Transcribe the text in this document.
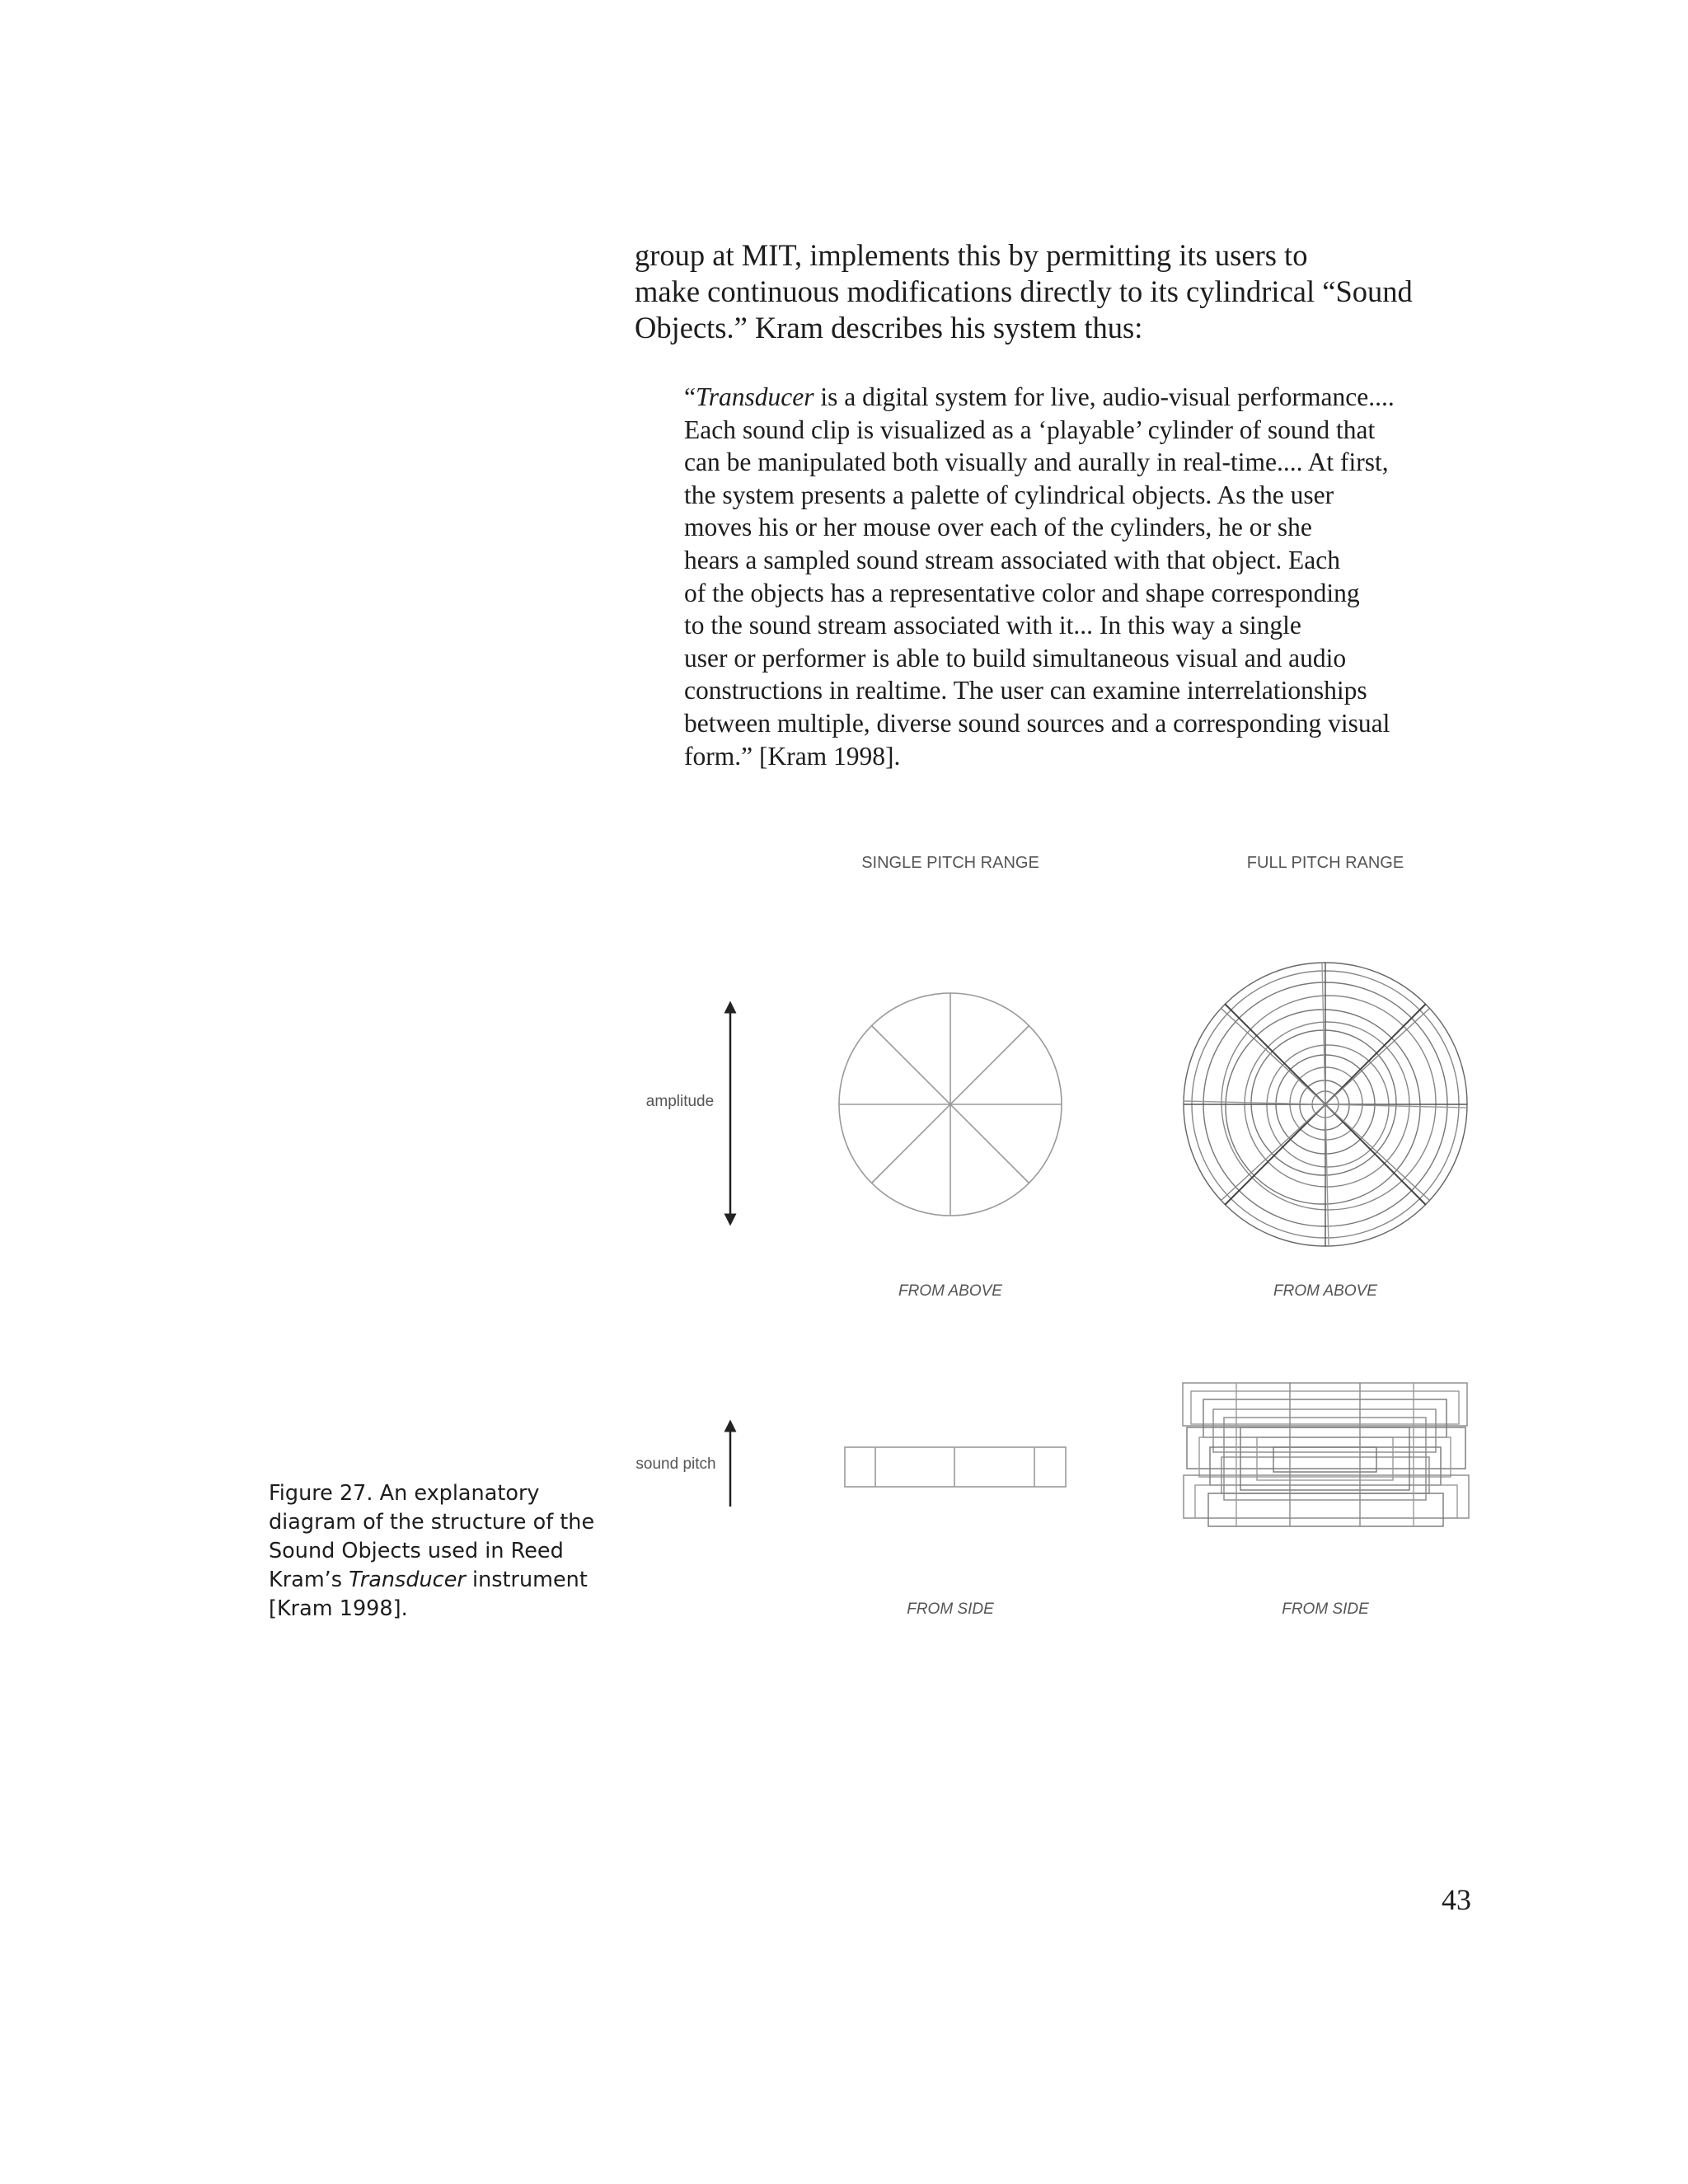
group at MIT, implements this by permitting its users to
make continuous modifications directly to its cylindrical “Sound
Objects.” Kram describes his system thus:
“Transducer is a digital system for live, audio-visual performance....
Each sound clip is visualized as a ‘playable’ cylinder of sound that
can be manipulated both visually and aurally in real-time.... At first,
the system presents a palette of cylindrical objects. As the user
moves his or her mouse over each of the cylinders, he or she
hears a sampled sound stream associated with that object. Each
of the objects has a representative color and shape corresponding
to the sound stream associated with it... In this way a single
user or performer is able to build simultaneous visual and audio
constructions in realtime. The user can examine interrelationships
between multiple, diverse sound sources and a corresponding visual
form.” [Kram 1998].
SINGLE PITCH RANGE	FULL PITCH RANGE
amplitude
FROM ABOVE	FROM ABOVE
sound pitch
FROM SIDE	FROM SIDE
Figure 27. An explanatory
diagram of the structure of the
Sound Objects used in Reed
Kram’s Transducer instrument
[Kram 1998].
43
